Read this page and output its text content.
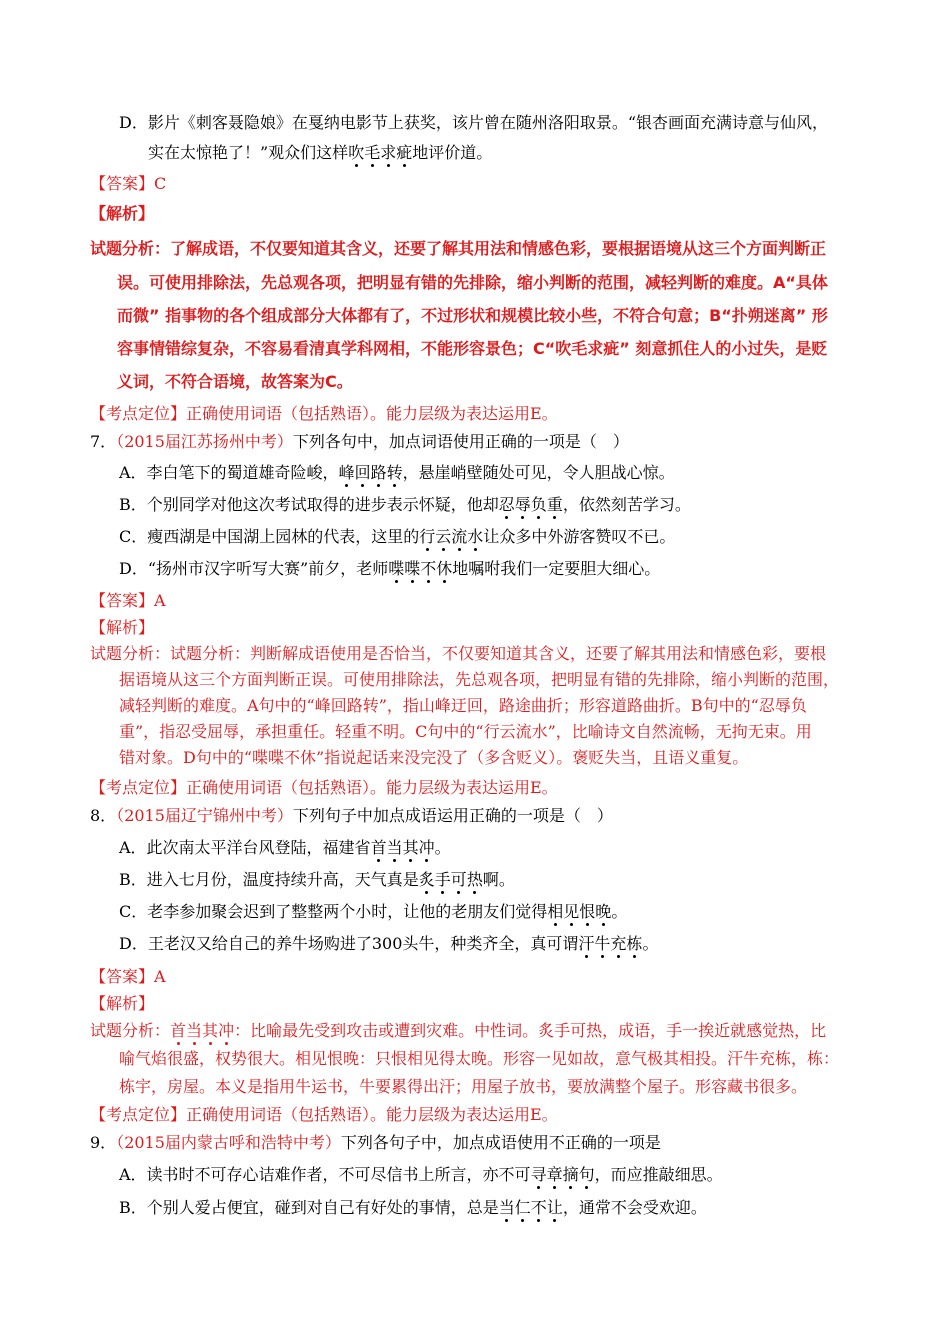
D．影片《刺客聂隐娘》在戛纳电影节上获奖，该片曾在随州洛阳取景。“银杏画面充满诗意与仙风，
实在太惊艳了！”观众们这样吹毛求疵地评价道。
【答案】C
【解析】
试题分析：了解成语，不仅要知道其含义，还要了解其用法和情感色彩，要根据语境从这三个方面判断正
误。可使用排除法，先总观各项，把明显有错的先排除，缩小判断的范围，减轻判断的难度。A“具体
而微” 指事物的各个组成部分大体都有了，不过形状和规模比较小些，不符合句意；B“扑朔迷离” 形
容事情错综复杂，不容易看清真学科网相，不能形容景色；C“吹毛求疵” 刻意抓住人的小过失，是贬
义词，不符合语境，故答案为C。
【考点定位】正确使用词语（包括熟语）。能力层级为表达运用E。
7．（2015届江苏扬州中考）下列各句中，加点词语使用正确的一项是（　）
A．李白笔下的蜀道雄奇险峻，峰回路转，悬崖峭壁随处可见，令人胆战心惊。
B．个别同学对他这次考试取得的进步表示怀疑，他却忍辱负重，依然刻苦学习。
C．瘦西湖是中国湖上园林的代表，这里的行云流水让众多中外游客赞叹不已。
D．“扬州市汉字听写大赛”前夕，老师喋喋不休地嘱咐我们一定要胆大细心。
【答案】A
【解析】
试题分析：试题分析：判断解成语使用是否恰当，不仅要知道其含义，还要了解其用法和情感色彩，要根
据语境从这三个方面判断正误。可使用排除法，先总观各项，把明显有错的先排除，缩小判断的范围，
减轻判断的难度。A句中的“峰回路转”，指山峰迂回，路途曲折；形容道路曲折。B句中的“忍辱负
重”，指忍受屈辱，承担重任。轻重不明。C句中的“行云流水”，比喻诗文自然流畅，无拘无束。用
错对象。D句中的“喋喋不休”指说起话来没完没了（多含贬义）。褒贬失当，且语义重复。
【考点定位】正确使用词语（包括熟语）。能力层级为表达运用E。
8．（2015届辽宁锦州中考）下列句子中加点成语运用正确的一项是（　）
A．此次南太平洋台风登陆，福建省首当其冲。
B．进入七月份，温度持续升高，天气真是炙手可热啊。
C．老李参加聚会迟到了整整两个小时，让他的老朋友们觉得相见恨晚。
D．王老汉又给自己的养牛场购进了300头牛，种类齐全，真可谓汗牛充栋。
【答案】A
【解析】
试题分析：首当其冲：比喻最先受到攻击或遭到灾难。中性词。炙手可热，成语，手一挨近就感觉热，比
喻气焰很盛，权势很大。相见恨晚：只恨相见得太晚。形容一见如故，意气极其相投。汗牛充栋，栋：
栋宇，房屋。本义是指用牛运书，牛要累得出汗；用屋子放书，要放满整个屋子。形容藏书很多。
【考点定位】正确使用词语（包括熟语）。能力层级为表达运用E。
9．（2015届内蒙古呼和浩特中考）下列各句子中，加点成语使用不正确的一项是
A．读书时不可存心诘难作者，不可尽信书上所言，亦不可寻章摘句，而应推敲细思。
B．个别人爱占便宜，碰到对自己有好处的事情，总是当仁不让，通常不会受欢迎。
